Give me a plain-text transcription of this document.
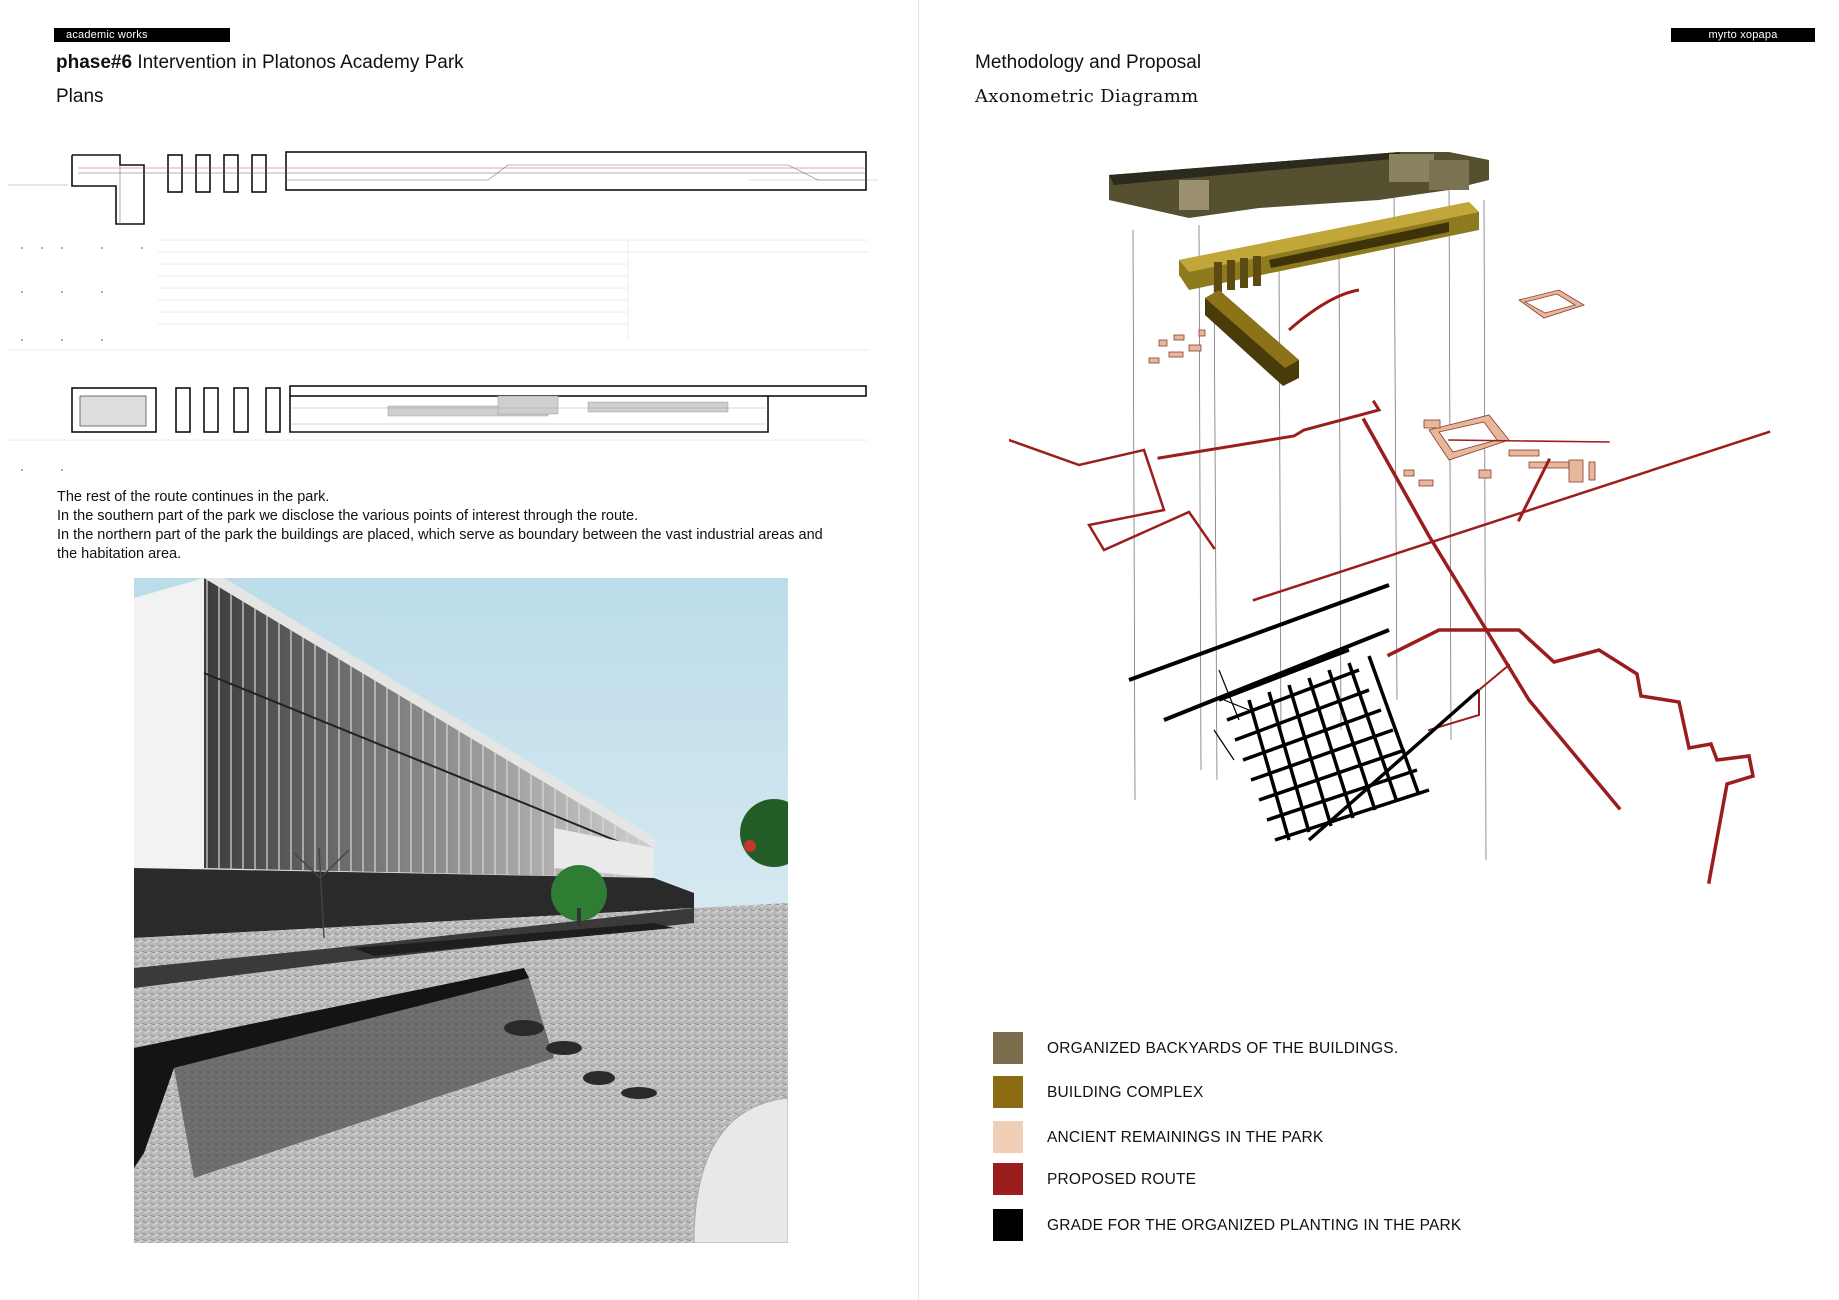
academic works
phase#6 Intervention in Platonos Academy Park
Plans

The rest of the route continues in the park.

In the southern part of the park we disclose the various points of interest through the route.

In the northern part of the park the buildings are placed, which serve as boundary between the vast industrial areas and

the habitation area.

myrto xopapa
Methodology and Proposal
Axonometric Diagramm
ORGANIZED BACKYARDS OF THE BUILDINGS.
BUILDING COMPLEX
ANCIENT REMAININGS IN THE PARK
PROPOSED ROUTE
GRADE FOR THE ORGANIZED PLANTING IN THE PARK
